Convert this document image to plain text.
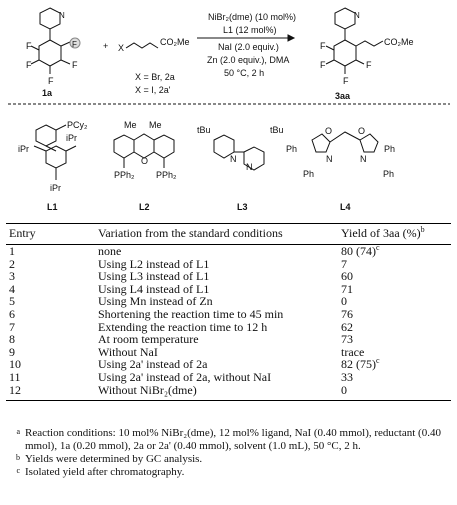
N
F
F	F
F
F
1a
+ X
CO₂Me
X = Br, 2a
X = I, 2a'
NiBr₂(dme) (10 mol%)
L1 (12 mol%)
NaI (2.0 equiv.)
Zn (2.0 equiv.), DMA
50 °C, 2 h
N
F
F	F
F
CO₂Me
3aa
PCy₂
iPr
iPr
iPr
L1
Me Me
O
PPh₂ PPh₂
L2
tBu	tBu
N
N
L3
O	O
N	N
Ph	Ph
Ph	Ph
L4
Entry	Variation from the standard conditions	Yield of 3aa (%)$^b$
1	none	80 $(74)^c$
2	Using L2 instead of L1	7
3	Using L3 instead of L1	60
4	Using L4 instead of L1	71
5	Using Mn instead of Zn	0
6	Shortening the reaction time to 45 min	76
7	Extending the reaction time to 12 h	62
8	At room temperature	73
9	Without NaI	trace
10	Using 2a' instead of 2a	82 $(75)^c$
11	Using 2a' instead of 2a, without NaI	33
12	Without NiBr₂(dme)	0
a Reaction conditions: 10 mol% NiBr₂(dme), 12 mol% ligand, NaI (0.40 mmol), reductant (0.40 mmol), 1a (0.20 mmol), 2a or 2a' (0.40 mmol), solvent (1.0 mL), 50 °C, 2 h.
b Yields were determined by GC analysis.
c Isolated yield after chromatography.
